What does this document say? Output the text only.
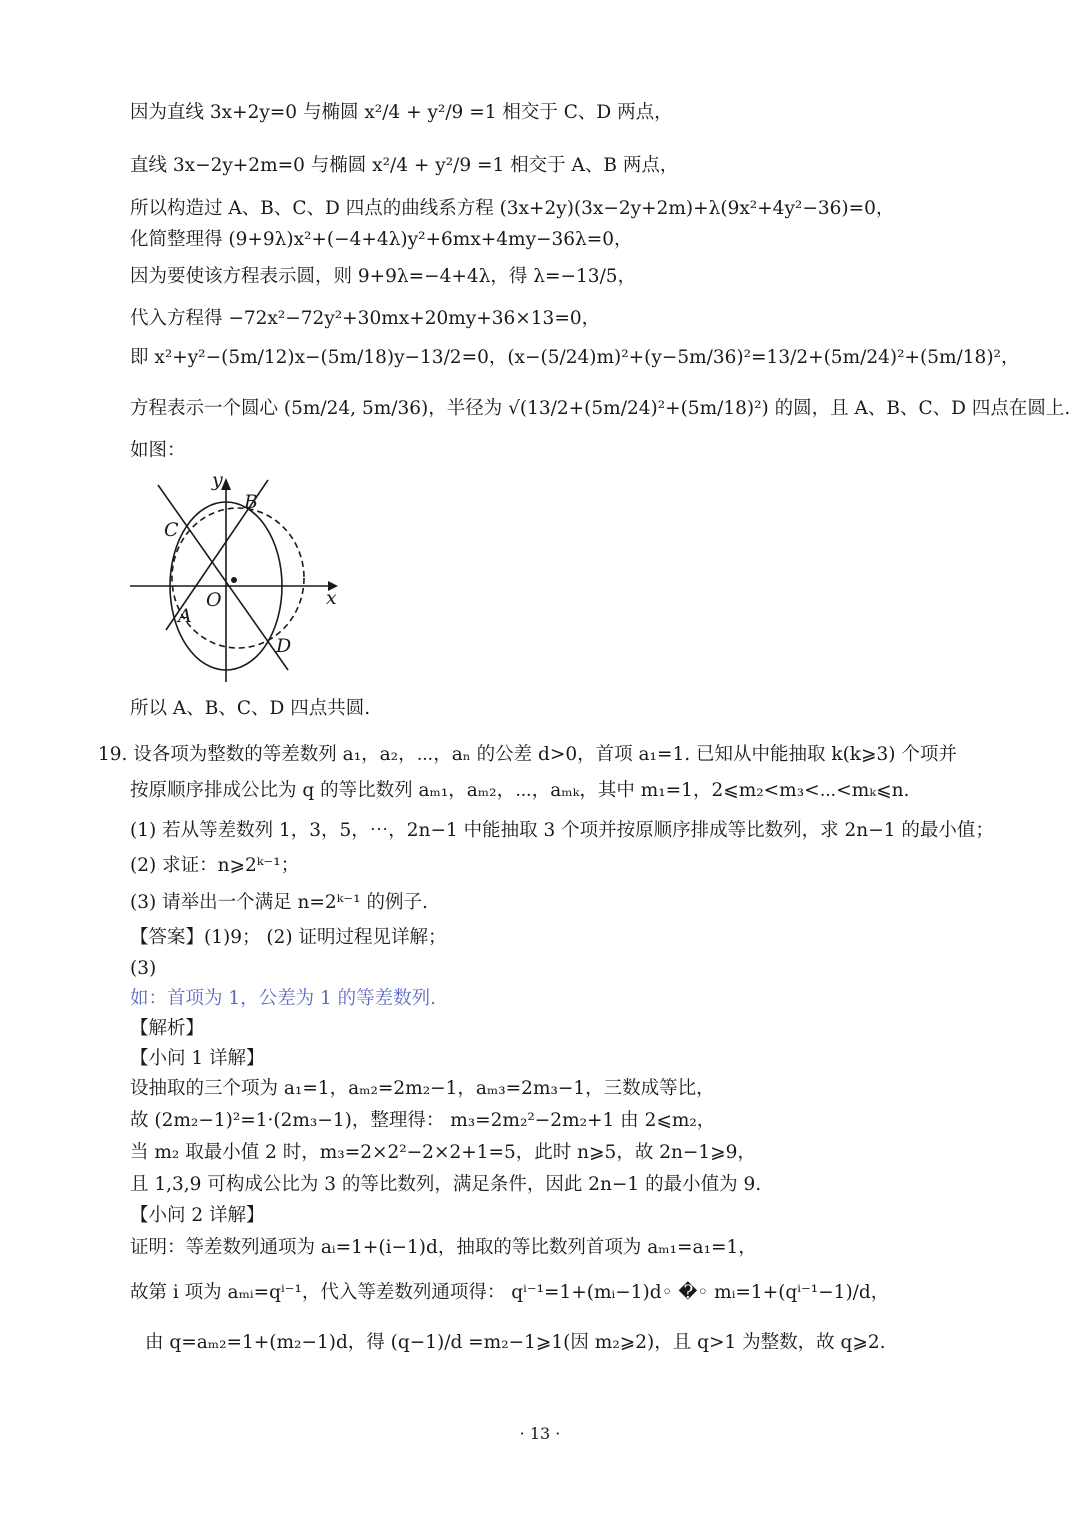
因为直线 3x+2y=0 与椭圆 x²/4 + y²/9 =1 相交于 C、D 两点，
直线 3x−2y+2m=0 与椭圆 x²/4 + y²/9 =1 相交于 A、B 两点，
所以构造过 A、B、C、D 四点的曲线系方程 (3x+2y)(3x−2y+2m)+λ(9x²+4y²−36)=0，
化简整理得 (9+9λ)x²+(−4+4λ)y²+6mx+4my−36λ=0，
因为要使该方程表示圆，则 9+9λ=−4+4λ，得 λ=−13/5，
代入方程得 −72x²−72y²+30mx+20my+36×13=0，
即 x²+y²−(5m/12)x−(5m/18)y−13/2=0，(x−(5/24)m)²+(y−5m/36)²=13/2+(5m/24)²+(5m/18)²，
方程表示一个圆心 (5m/24, 5m/36)，半径为 √(13/2+(5m/24)²+(5m/18)²) 的圆，且 A、B、C、D 四点在圆上.
如图：
y
x
O
A
B
C
D
所以 A、B、C、D 四点共圆.
19. 设各项为整数的等差数列 a₁，a₂，⋯，aₙ 的公差 d>0，首项 a₁=1. 已知从中能抽取 k(k⩾3) 个项并
按原顺序排成公比为 q 的等比数列 aₘ₁，aₘ₂，⋯，aₘₖ，其中 m₁=1，2⩽m₂<m₃<⋯<mₖ⩽n.
(1) 若从等差数列 1，3，5，⋯，2n−1 中能抽取 3 个项并按原顺序排成等比数列，求 2n−1 的最小值；
(2) 求证：n⩾2ᵏ⁻¹；
(3) 请举出一个满足 n=2ᵏ⁻¹ 的例子.
【答案】(1)9； (2) 证明过程见详解；
(3)
如：首项为 1，公差为 1 的等差数列.
【解析】
【小问 1 详解】
设抽取的三个项为 a₁=1，aₘ₂=2m₂−1，aₘ₃=2m₃−1，三数成等比，
故 (2m₂−1)²=1·(2m₃−1)，整理得： m₃=2m₂²−2m₂+1 由 2⩽m₂，
当 m₂ 取最小值 2 时，m₃=2×2²−2×2+1=5，此时 n⩾5，故 2n−1⩾9，
且 1,3,9 可构成公比为 3 的等比数列，满足条件，因此 2n−1 的最小值为 9.
【小问 2 详解】
证明：等差数列通项为 aᵢ=1+(i−1)d，抽取的等比数列首项为 aₘ₁=a₁=1，
故第 i 项为 aₘᵢ=qⁱ⁻¹，代入等差数列通项得： qⁱ⁻¹=1+(mᵢ−1)d◦ �◦ mᵢ=1+(qⁱ⁻¹−1)/d，
由 q=aₘ₂=1+(m₂−1)d，得 (q−1)/d =m₂−1⩾1(因 m₂⩾2)，且 q>1 为整数，故 q⩾2.
· 13 ·
